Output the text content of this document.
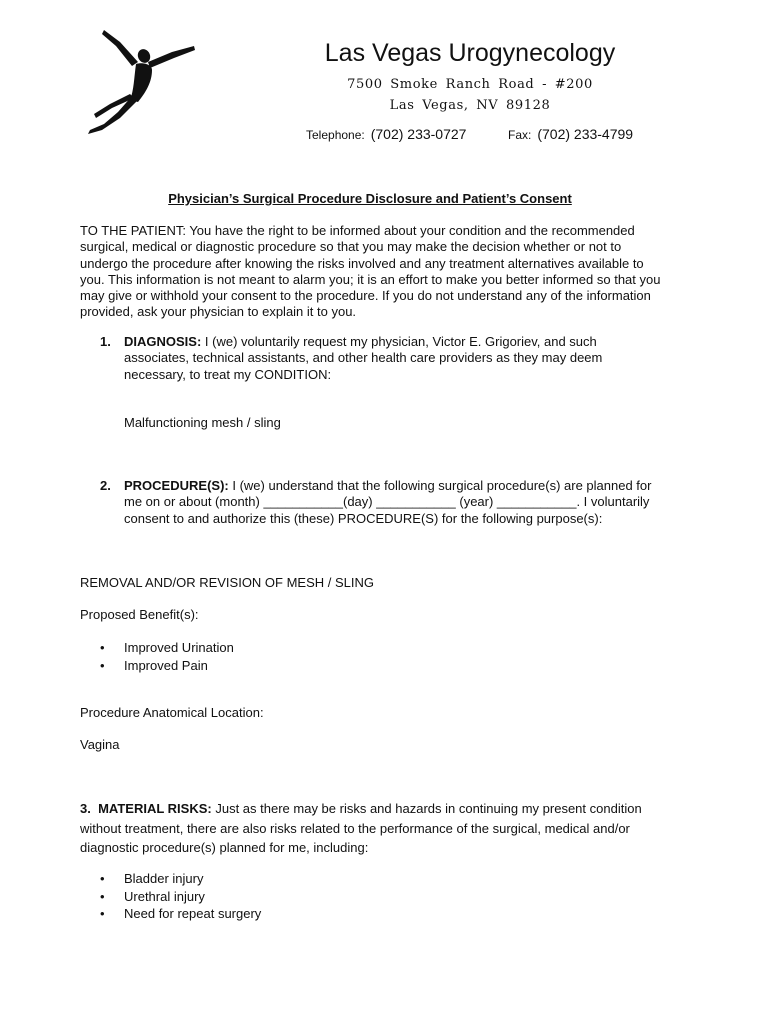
Las Vegas Urogynecology
7500 Smoke Ranch Road - #200
Las Vegas, NV 89128
Telephone: (702) 233-0727	Fax: (702) 233-4799
Physician’s Surgical Procedure Disclosure and Patient’s Consent
TO THE PATIENT: You have the right to be informed about your condition and the recommended surgical, medical or diagnostic procedure so that you may make the decision whether or not to undergo the procedure after knowing the risks involved and any treatment alternatives available to you. This information is not meant to alarm you; it is an effort to make you better informed so that you may give or withhold your consent to the procedure. If you do not understand any of the information provided, ask your physician to explain it to you.
1. DIAGNOSIS: I (we) voluntarily request my physician, Victor E. Grigoriev, and such associates, technical assistants, and other health care providers as they may deem necessary, to treat my CONDITION:
Malfunctioning mesh / sling
2. PROCEDURE(S): I (we) understand that the following surgical procedure(s) are planned for me on or about (month) ___________(day) ___________ (year) ___________. I voluntarily consent to and authorize this (these) PROCEDURE(S) for the following purpose(s):
REMOVAL AND/OR REVISION OF MESH / SLING
Proposed Benefit(s):
• Improved Urination
• Improved Pain
Procedure Anatomical Location:
Vagina
3. MATERIAL RISKS: Just as there may be risks and hazards in continuing my present condition without treatment, there are also risks related to the performance of the surgical, medical and/or diagnostic procedure(s) planned for me, including:
• Bladder injury
• Urethral injury
• Need for repeat surgery
